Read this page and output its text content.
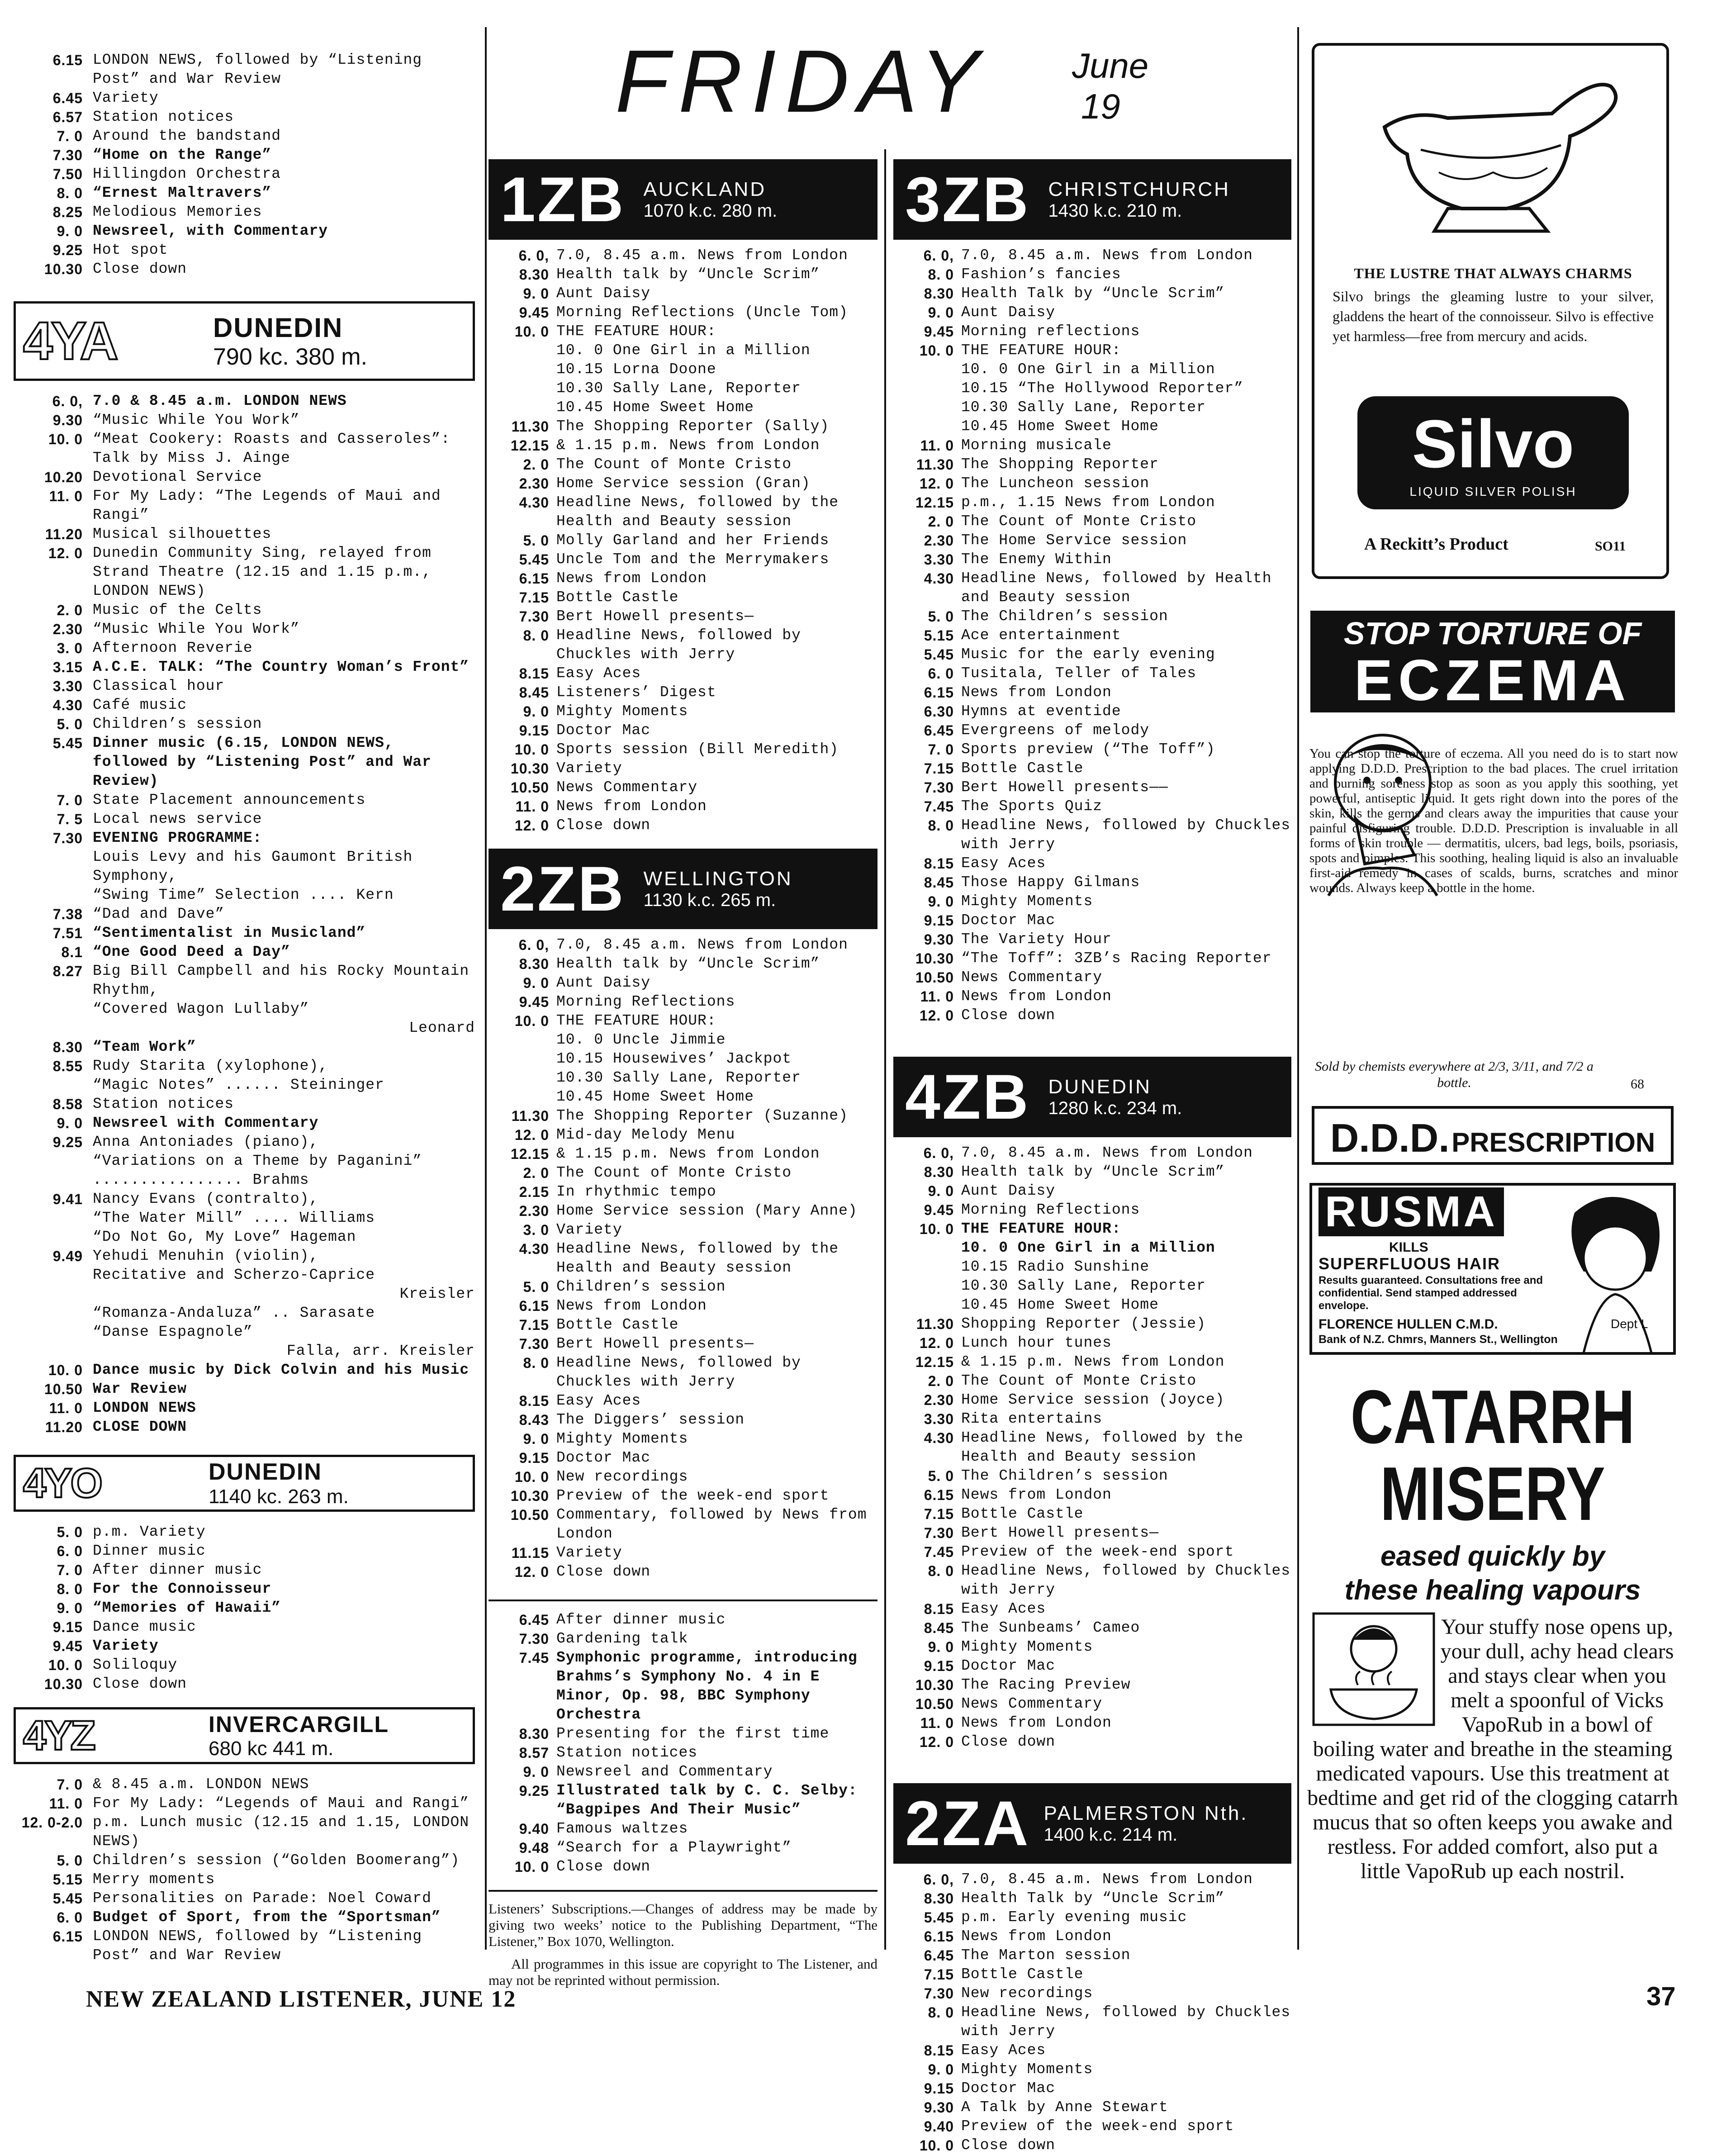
FRIDAY June
19
6.15 LONDON NEWS, followed by “Listening Post” and War Review
6.45 Variety
6.57 Station notices
7. 0 Around the bandstand
7.30 “Home on the Range”
7.50 Hillingdon Orchestra
8. 0 “Ernest Maltravers”
8.25 Melodious Memories
9. 0 Newsreel, with Commentary
9.25 Hot spot
10.30 Close down
4YA	DUNEDIN
790 kc. 380 m.
6. 0, 7.0 & 8.45 a.m. LONDON NEWS
9.30 “Music While You Work”
10. 0 “Meat Cookery: Roasts and Casseroles”: Talk by Miss J. Ainge
10.20 Devotional Service
11. 0 For My Lady: “The Legends of Maui and Rangi”
11.20 Musical silhouettes
12. 0 Dunedin Community Sing, relayed from Strand Theatre (12.15 and 1.15 p.m., LONDON NEWS)
2. 0 Music of the Celts
2.30 “Music While You Work”
3. 0 Afternoon Reverie
3.15 A.C.E. TALK: “The Country Woman’s Front”
3.30 Classical hour
4.30 Café music
5. 0 Children’s session
5.45 Dinner music (6.15, LONDON NEWS, followed by “Listening Post” and War Review)
7. 0 State Placement announcements
7. 5 Local news service
7.30 EVENING PROGRAMME:
Louis Levy and his Gaumont British Symphony,
“Swing Time” Selection .... Kern
7.38 “Dad and Dave”
7.51 “Sentimentalist in Musicland”
8.1 “One Good Deed a Day”
8.27 Big Bill Campbell and his Rocky Mountain Rhythm,
“Covered Wagon Lullaby”
Leonard
8.30 “Team Work”
8.55 Rudy Starita (xylophone),
“Magic Notes” ...... Steininger
8.58 Station notices
9. 0 Newsreel with Commentary
9.25 Anna Antoniades (piano),
“Variations on a Theme by Paganini” ................ Brahms
9.41 Nancy Evans (contralto),
“The Water Mill” .... Williams
“Do Not Go, My Love” Hageman
9.49 Yehudi Menuhin (violin),
Recitative and Scherzo-Caprice
Kreisler
“Romanza-Andaluza” .. Sarasate
“Danse Espagnole”
Falla, arr. Kreisler
10. 0 Dance music by Dick Colvin and his Music
10.50 War Review
11. 0 LONDON NEWS
11.20 CLOSE DOWN
4YO	DUNEDIN
1140 kc. 263 m.
5. 0 p.m. Variety
6. 0 Dinner music
7. 0 After dinner music
8. 0 For the Connoisseur
9. 0 “Memories of Hawaii”
9.15 Dance music
9.45 Variety
10. 0 Soliloquy
10.30 Close down
4YZ	INVERCARGILL
680 kc 441 m.
7. 0 & 8.45 a.m. LONDON NEWS
11. 0 For My Lady: “Legends of Maui and Rangi”
12. 0-2.0 p.m. Lunch music (12.15 and 1.15, LONDON NEWS)
5. 0 Children’s session (“Golden Boomerang”)
5.15 Merry moments
5.45 Personalities on Parade: Noel Coward
6. 0 Budget of Sport, from the “Sportsman”
6.15 LONDON NEWS, followed by “Listening Post” and War Review
NEW ZEALAND LISTENER, JUNE 12
1ZB AUCKLAND
1070 k.c. 280 m.
6. 0, 7.0, 8.45 a.m. News from London
8.30 Health talk by “Uncle Scrim”
9. 0 Aunt Daisy
9.45 Morning Reflections (Uncle Tom)
10. 0 THE FEATURE HOUR:
10. 0 One Girl in a Million
10.15 Lorna Doone
10.30 Sally Lane, Reporter
10.45 Home Sweet Home
11.30 The Shopping Reporter (Sally)
12.15 & 1.15 p.m. News from London
2. 0 The Count of Monte Cristo
2.30 Home Service session (Gran)
4.30 Headline News, followed by the Health and Beauty session
5. 0 Molly Garland and her Friends
5.45 Uncle Tom and the Merrymakers
6.15 News from London
7.15 Bottle Castle
7.30 Bert Howell presents—
8. 0 Headline News, followed by Chuckles with Jerry
8.15 Easy Aces
8.45 Listeners’ Digest
9. 0 Mighty Moments
9.15 Doctor Mac
10. 0 Sports session (Bill Meredith)
10.30 Variety
10.50 News Commentary
11. 0 News from London
12. 0 Close down
2ZB WELLINGTON
1130 k.c. 265 m.
6. 0, 7.0, 8.45 a.m. News from London
8.30 Health talk by “Uncle Scrim”
9. 0 Aunt Daisy
9.45 Morning Reflections
10. 0 THE FEATURE HOUR:
10. 0 Uncle Jimmie
10.15 Housewives’ Jackpot
10.30 Sally Lane, Reporter
10.45 Home Sweet Home
11.30 The Shopping Reporter (Suzanne)
12. 0 Mid-day Melody Menu
12.15 & 1.15 p.m. News from London
2. 0 The Count of Monte Cristo
2.15 In rhythmic tempo
2.30 Home Service session (Mary Anne)
3. 0 Variety
4.30 Headline News, followed by the Health and Beauty session
5. 0 Children’s session
6.15 News from London
7.15 Bottle Castle
7.30 Bert Howell presents—
8. 0 Headline News, followed by Chuckles with Jerry
8.15 Easy Aces
8.43 The Diggers’ session
9. 0 Mighty Moments
9.15 Doctor Mac
10. 0 New recordings
10.30 Preview of the week-end sport
10.50 Commentary, followed by News from London
11.15 Variety
12. 0 Close down
6.45 After dinner music
7.30 Gardening talk
7.45 Symphonic programme, introducing Brahms’s Symphony No. 4 in E Minor, Op. 98, BBC Symphony Orchestra
8.30 Presenting for the first time
8.57 Station notices
9. 0 Newsreel and Commentary
9.25 Illustrated talk by C. C. Selby: “Bagpipes And Their Music”
9.40 Famous waltzes
9.48 “Search for a Playwright”
10. 0 Close down

Listeners’ Subscriptions.—Changes of address may be made by giving two weeks’ notice to the Publishing Department, “The Listener,” Box 1070, Wellington.

All programmes in this issue are copyright to The Listener, and may not be reprinted without permission.

3ZB CHRISTCHURCH
1430 k.c. 210 m.
6. 0, 7.0, 8.45 a.m. News from London
8. 0 Fashion’s fancies
8.30 Health Talk by “Uncle Scrim”
9. 0 Aunt Daisy
9.45 Morning reflections
10. 0 THE FEATURE HOUR:
10. 0 One Girl in a Million
10.15 “The Hollywood Reporter”
10.30 Sally Lane, Reporter
10.45 Home Sweet Home
11. 0 Morning musicale
11.30 The Shopping Reporter
12. 0 The Luncheon session
12.15 p.m., 1.15 News from London
2. 0 The Count of Monte Cristo
2.30 The Home Service session
3.30 The Enemy Within
4.30 Headline News, followed by Health and Beauty session
5. 0 The Children’s session
5.15 Ace entertainment
5.45 Music for the early evening
6. 0 Tusitala, Teller of Tales
6.15 News from London
6.30 Hymns at eventide
6.45 Evergreens of melody
7. 0 Sports preview (“The Toff”)
7.15 Bottle Castle
7.30 Bert Howell presents——
7.45 The Sports Quiz
8. 0 Headline News, followed by Chuckles with Jerry
8.15 Easy Aces
8.45 Those Happy Gilmans
9. 0 Mighty Moments
9.15 Doctor Mac
9.30 The Variety Hour
10.30 “The Toff”: 3ZB’s Racing Reporter
10.50 News Commentary
11. 0 News from London
12. 0 Close down
4ZB DUNEDIN
1280 k.c. 234 m.
6. 0, 7.0, 8.45 a.m. News from London
8.30 Health talk by “Uncle Scrim”
9. 0 Aunt Daisy
9.45 Morning Reflections
10. 0 THE FEATURE HOUR:
10. 0 One Girl in a Million
10.15 Radio Sunshine
10.30 Sally Lane, Reporter
10.45 Home Sweet Home
11.30 Shopping Reporter (Jessie)
12. 0 Lunch hour tunes
12.15 & 1.15 p.m. News from London
2. 0 The Count of Monte Cristo
2.30 Home Service session (Joyce)
3.30 Rita entertains
4.30 Headline News, followed by the Health and Beauty session
5. 0 The Children’s session
6.15 News from London
7.15 Bottle Castle
7.30 Bert Howell presents—
7.45 Preview of the week-end sport
8. 0 Headline News, followed by Chuckles with Jerry
8.15 Easy Aces
8.45 The Sunbeams’ Cameo
9. 0 Mighty Moments
9.15 Doctor Mac
10.30 The Racing Preview
10.50 News Commentary
11. 0 News from London
12. 0 Close down
2ZA PALMERSTON Nth.
1400 k.c. 214 m.
6. 0, 7.0, 8.45 a.m. News from London
8.30 Health Talk by “Uncle Scrim”
5.45 p.m. Early evening music
6.15 News from London
6.45 The Marton session
7.15 Bottle Castle
7.30 New recordings
8. 0 Headline News, followed by Chuckles with Jerry
8.15 Easy Aces
9. 0 Mighty Moments
9.15 Doctor Mac
9.30 A Talk by Anne Stewart
9.40 Preview of the week-end sport
10. 0 Close down
37
THE LUSTRE THAT ALWAYS CHARMS
Silvo brings the gleaming lustre to your silver, gladdens the heart of the connoisseur. Silvo is effective yet harmless—free from mercury and acids.
Silvo
LIQUID SILVER POLISH
A Reckitt’s Product	SO11
STOP TORTURE OF
ECZEMA
You can stop the torture of eczema. All you need do is to start now applying D.D.D. Prescription to the bad places. The cruel irritation and burning soreness stop as soon as you apply this soothing, yet powerful, antiseptic liquid. It gets right down into the pores of the skin, kills the germs and clears away the impurities that cause your painful disfiguring trouble. D.D.D. Prescription is invaluable in all forms of skin trouble — dermatitis, ulcers, bad legs, boils, psoriasis, spots and pimples. This soothing, healing liquid is also an invaluable first-aid remedy in cases of scalds, burns, scratches and minor wounds. Always keep a bottle in the home.
Sold by chemists everywhere at 2/3, 3/11, and 7/2 a bottle.	68
D.D.D. PRESCRIPTION
RUSMA
KILLS
SUPERFLUOUS HAIR
Results guaranteed. Consultations free and confidential. Send stamped addressed envelope.
FLORENCE HULLEN C.M.D.	Dept L
Bank of N.Z. Chmrs, Manners St., Wellington
CATARRH
MISERY
eased quickly by
these healing vapours
Your stuffy nose opens up, your dull, achy head clears and stays clear when you melt a spoonful of Vicks VapoRub in a bowl of boiling water and breathe in the steaming medicated vapours. Use this treatment at bedtime and get rid of the clogging catarrh mucus that so often keeps you awake and restless. For added comfort, also put a little VapoRub up each nostril.
